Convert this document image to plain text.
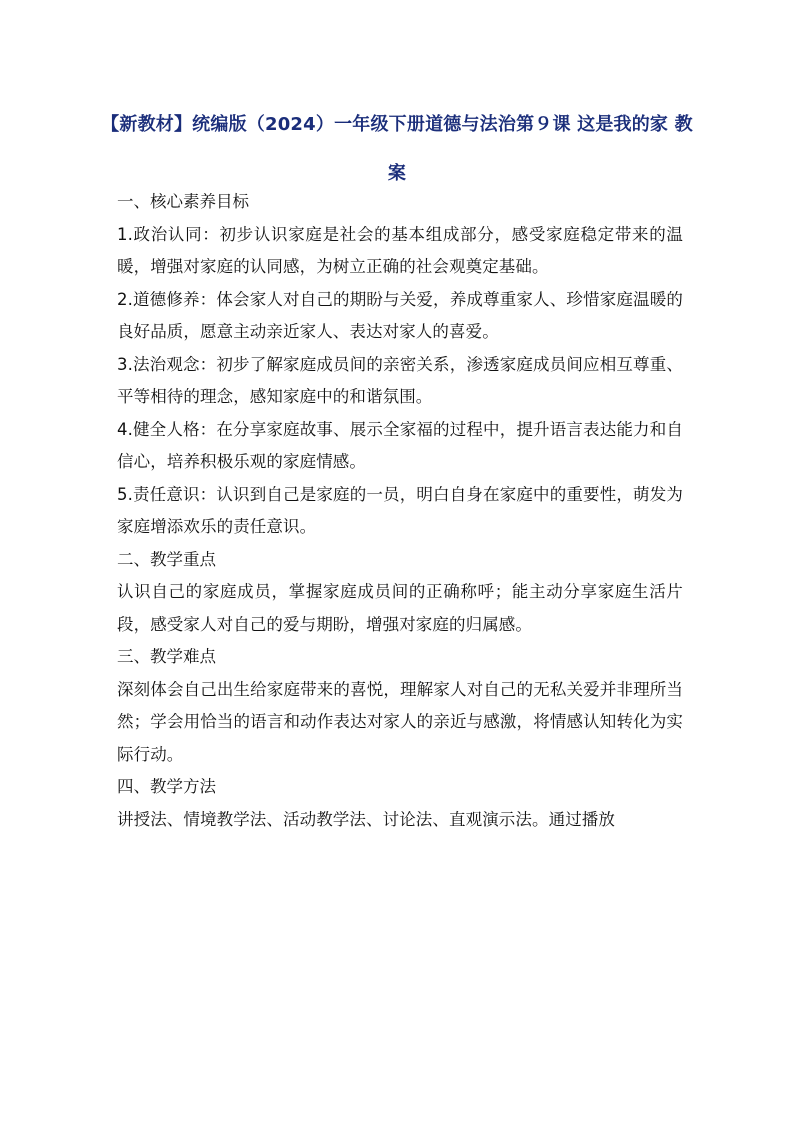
【新教材】统编版（2024）一年级下册道德与法治第９课 这是我的家 教案

一、核心素养目标

1.政治认同：初步认识家庭是社会的基本组成部分，感受家庭稳定带来的温暖，增强对家庭的认同感，为树立正确的社会观奠定基础。

2.道德修养：体会家人对自己的期盼与关爱，养成尊重家人、珍惜家庭温暖的良好品质，愿意主动亲近家人、表达对家人的喜爱。

3.法治观念：初步了解家庭成员间的亲密关系，渗透家庭成员间应相互尊重、平等相待的理念，感知家庭中的和谐氛围。

4.健全人格：在分享家庭故事、展示全家福的过程中，提升语言表达能力和自信心，培养积极乐观的家庭情感。

5.责任意识：认识到自己是家庭的一员，明白自身在家庭中的重要性，萌发为家庭增添欢乐的责任意识。

二、教学重点

认识自己的家庭成员，掌握家庭成员间的正确称呼；能主动分享家庭生活片段，感受家人对自己的爱与期盼，增强对家庭的归属感。

三、教学难点

深刻体会自己出生给家庭带来的喜悦，理解家人对自己的无私关爱并非理所当然；学会用恰当的语言和动作表达对家人的亲近与感激，将情感认知转化为实际行动。

四、教学方法

讲授法、情境教学法、活动教学法、讨论法、直观演示法。通过播放
